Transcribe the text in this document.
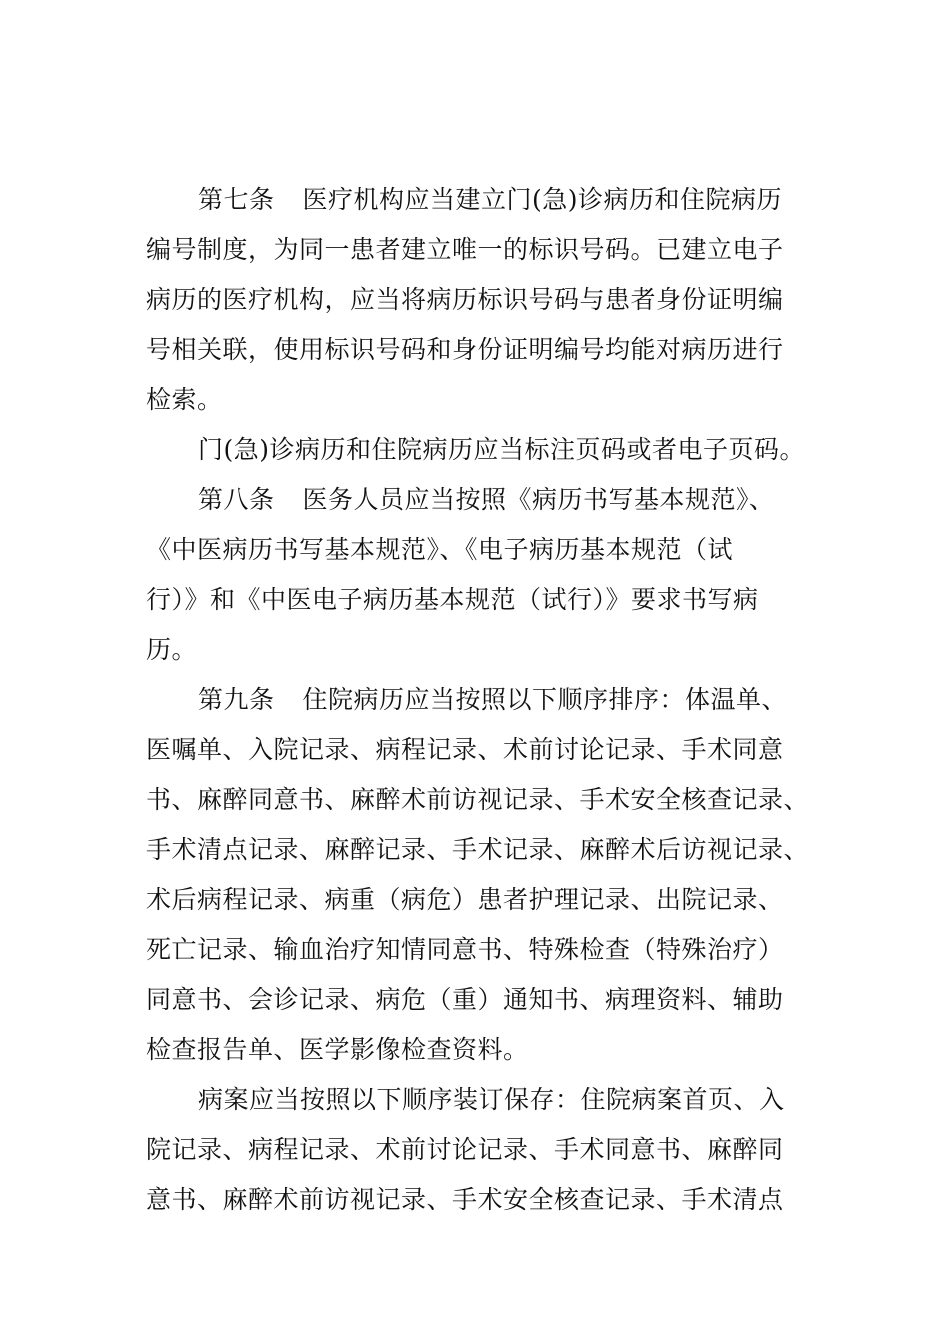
第七条 医疗机构应当建立门(急)诊病历和住院病历
编号制度，为同一患者建立唯一的标识号码。已建立电子
病历的医疗机构，应当将病历标识号码与患者身份证明编
号相关联，使用标识号码和身份证明编号均能对病历进行
检索。
门(急)诊病历和住院病历应当标注页码或者电子页码。
第八条 医务人员应当按照《病历书写基本规范》、
《中医病历书写基本规范》、《电子病历基本规范（试
行）》和《中医电子病历基本规范（试行）》要求书写病
历。
第九条 住院病历应当按照以下顺序排序：体温单、
医嘱单、入院记录、病程记录、术前讨论记录、手术同意
书、麻醉同意书、麻醉术前访视记录、手术安全核查记录、
手术清点记录、麻醉记录、手术记录、麻醉术后访视记录、
术后病程记录、病重（病危）患者护理记录、出院记录、
死亡记录、输血治疗知情同意书、特殊检查（特殊治疗）
同意书、会诊记录、病危（重）通知书、病理资料、辅助
检查报告单、医学影像检查资料。
病案应当按照以下顺序装订保存：住院病案首页、入
院记录、病程记录、术前讨论记录、手术同意书、麻醉同
意书、麻醉术前访视记录、手术安全核查记录、手术清点
